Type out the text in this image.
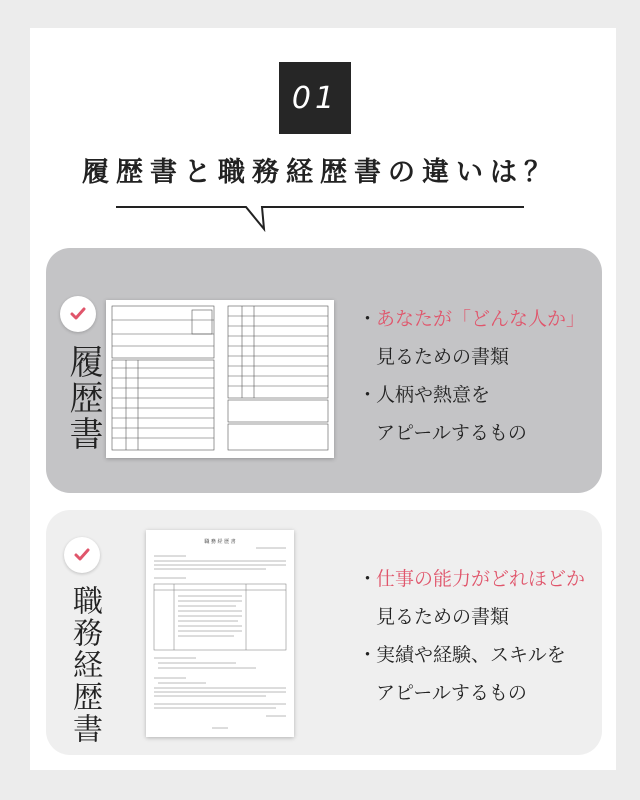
01
履歴書と職務経歴書の違いは？
履歴書
・
あなたが「どんな人か」
見るための書類
・
人柄や熱意を
アピールするもの
職務経歴書
職 務 経 歴 書
・
仕事の能力がどれほどか
見るための書類
・
実績や経験、スキルを
アピールするもの
